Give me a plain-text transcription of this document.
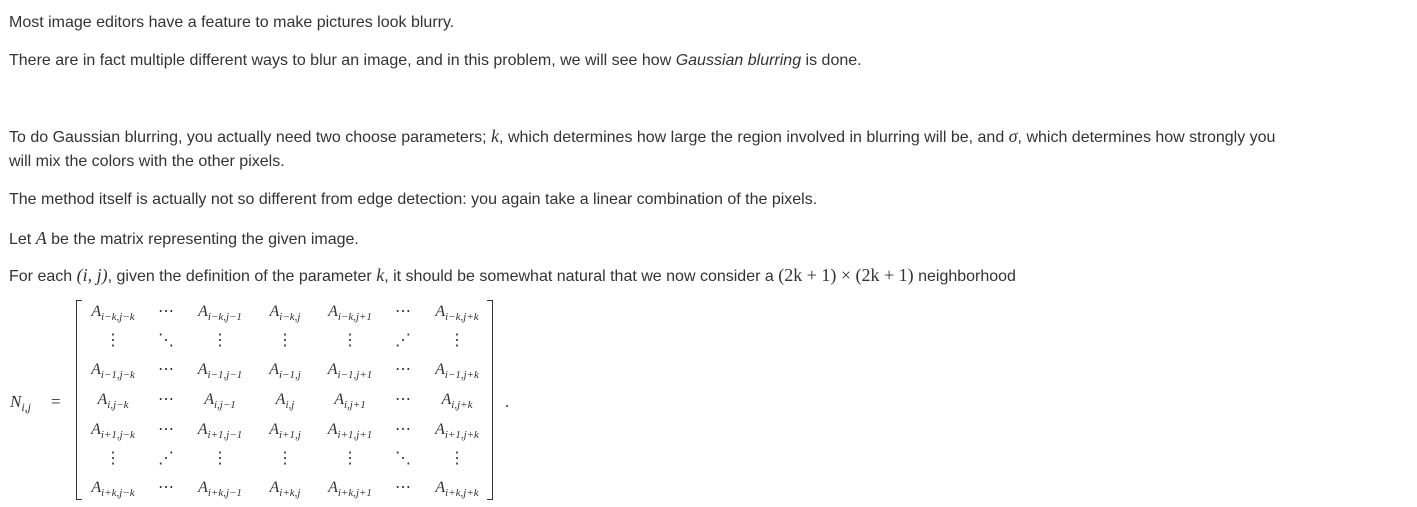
Most image editors have a feature to make pictures look blurry.

There are in fact multiple different ways to blur an image, and in this problem, we will see how Gaussian blurring is done.

To do Gaussian blurring, you actually need two choose parameters; k, which determines how large the region involved in blurring will be, and σ, which determines how strongly you

will mix the colors with the other pixels.

The method itself is actually not so different from edge detection: you again take a linear combination of the pixels.

Let A be the matrix representing the given image.

For each (i, j), given the definition of the parameter k, it should be somewhat natural that we now consider a (2k + 1) × (2k + 1) neighborhood

$N_{i,j}$ =
$A_{i-k,j-k}$ ⋯ $A_{i-k,j-1}$ $A_{i-k,j}$ $A_{i-k,j+1}$ ⋯ $A_{i-k,j+k}$
⋮ ⋱ ⋮	⋮	⋮ ⋰ ⋮
$A_{i-1,j-k}$ ⋯ $A_{i-1,j-1}$ $A_{i-1,j}$ $A_{i-1,j+1}$ ⋯ $A_{i-1,j+k}$
$A_{i,j-k}$ ⋯ $A_{i,j-1}$ $A_{i,j}$ $A_{i,j+1}$ ⋯ $A_{i,j+k}$
$A_{i+1,j-k}$ ⋯ $A_{i+1,j-1}$ $A_{i+1,j}$ $A_{i+1,j+1}$ ⋯ $A_{i+1,j+k}$
⋮ ⋰ ⋮	⋮	⋮ ⋱ ⋮
$A_{i+k,j-k}$ ⋯ $A_{i+k,j-1}$ $A_{i+k,j}$ $A_{i+k,j+1}$ ⋯ $A_{i+k,j+k}$
.
